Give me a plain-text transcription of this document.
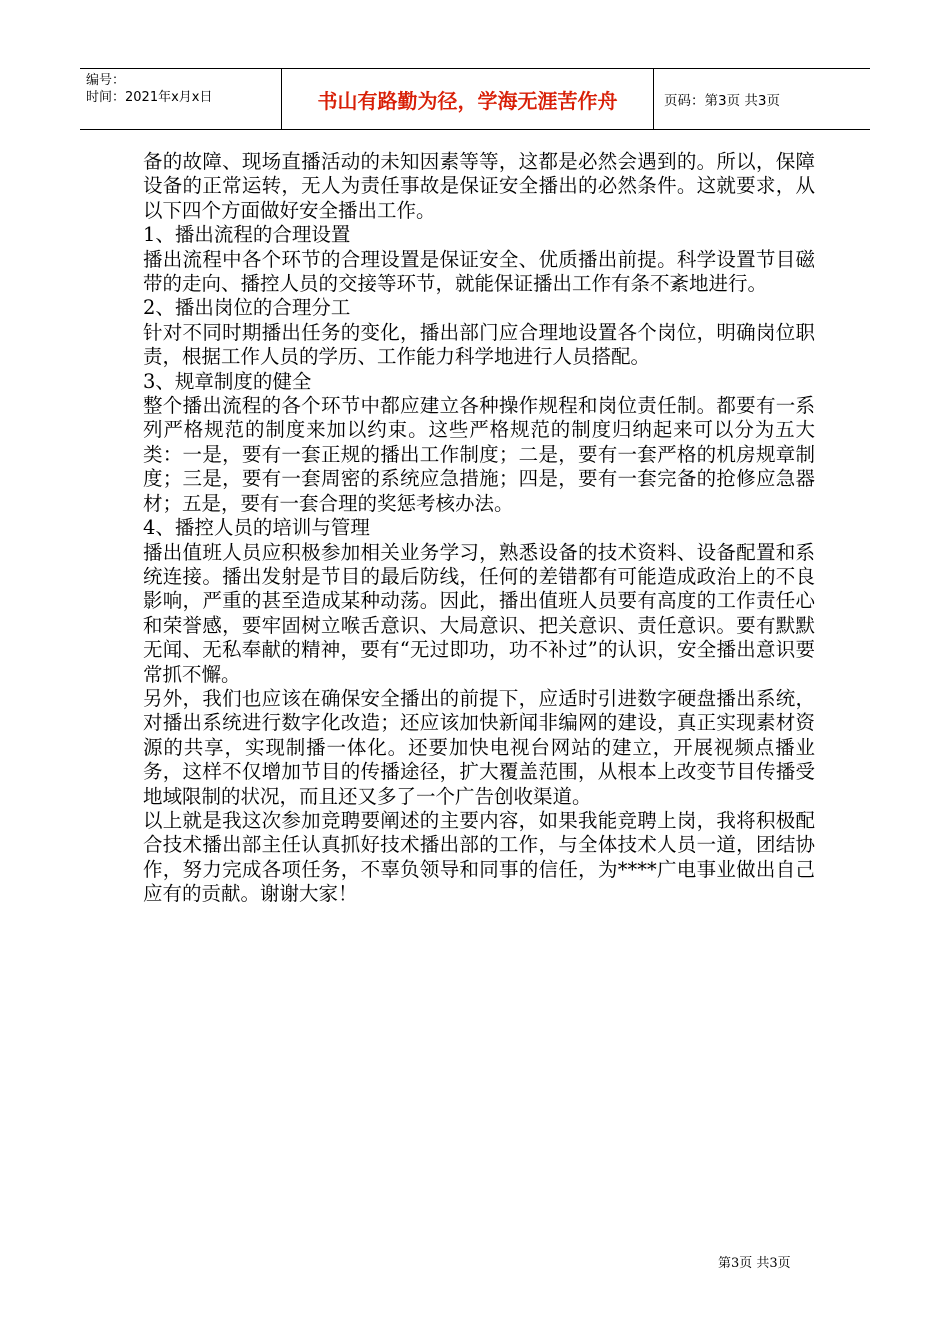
编号：
时间：2021年x月x日	书山有路勤为径，学海无涯苦作舟	页码：第3页 共3页

备的故障、现场直播活动的未知因素等等，这都是必然会遇到的。所以，保障设备的正常运转，无人为责任事故是保证安全播出的必然条件。这就要求，从以下四个方面做好安全播出工作。

1、播出流程的合理设置

播出流程中各个环节的合理设置是保证安全、优质播出前提。科学设置节目磁带的走向、播控人员的交接等环节，就能保证播出工作有条不紊地进行。

2、播出岗位的合理分工

针对不同时期播出任务的变化，播出部门应合理地设置各个岗位，明确岗位职责，根据工作人员的学历、工作能力科学地进行人员搭配。

3、规章制度的健全

整个播出流程的各个环节中都应建立各种操作规程和岗位责任制。都要有一系列严格规范的制度来加以约束。这些严格规范的制度归纳起来可以分为五大类：一是，要有一套正规的播出工作制度；二是，要有一套严格的机房规章制度；三是，要有一套周密的系统应急措施；四是，要有一套完备的抢修应急器材；五是，要有一套合理的奖惩考核办法。

4、播控人员的培训与管理

播出值班人员应积极参加相关业务学习，熟悉设备的技术资料、设备配置和系统连接。播出发射是节目的最后防线，任何的差错都有可能造成政治上的不良影响，严重的甚至造成某种动荡。因此，播出值班人员要有高度的工作责任心和荣誉感，要牢固树立喉舌意识、大局意识、把关意识、责任意识。要有默默无闻、无私奉献的精神，要有“无过即功，功不补过”的认识，安全播出意识要常抓不懈。

另外，我们也应该在确保安全播出的前提下，应适时引进数字硬盘播出系统，对播出系统进行数字化改造；还应该加快新闻非编网的建设，真正实现素材资源的共享，实现制播一体化。还要加快电视台网站的建立，开展视频点播业务，这样不仅增加节目的传播途径，扩大覆盖范围，从根本上改变节目传播受地域限制的状况，而且还又多了一个广告创收渠道。

以上就是我这次参加竞聘要阐述的主要内容，如果我能竞聘上岗，我将积极配合技术播出部主任认真抓好技术播出部的工作，与全体技术人员一道，团结协作，努力完成各项任务，不辜负领导和同事的信任，为****广电事业做出自己应有的贡献。谢谢大家！

第3页 共3页
